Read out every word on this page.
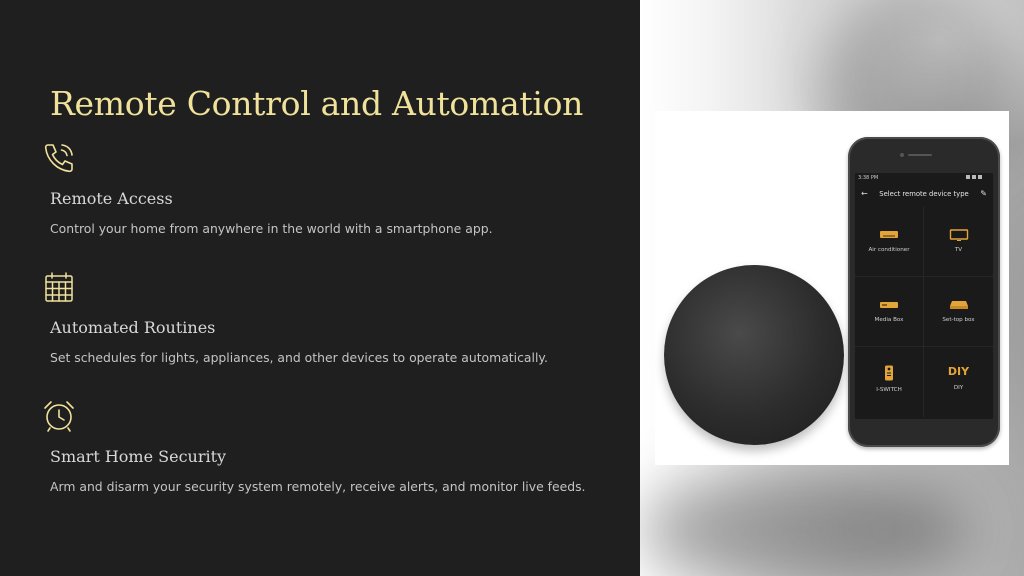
Remote Control and Automation
Remote Access

Control your home from anywhere in the world with a smartphone app.

Automated Routines

Set schedules for lights, appliances, and other devices to operate automatically.

Smart Home Security

Arm and disarm your security system remotely, receive alerts, and monitor live feeds.

3:38 PM
← Select remote device type ✎
Air conditioner	TV
Media Box	Set-top box
I-SWITCH
DIY
DIY
